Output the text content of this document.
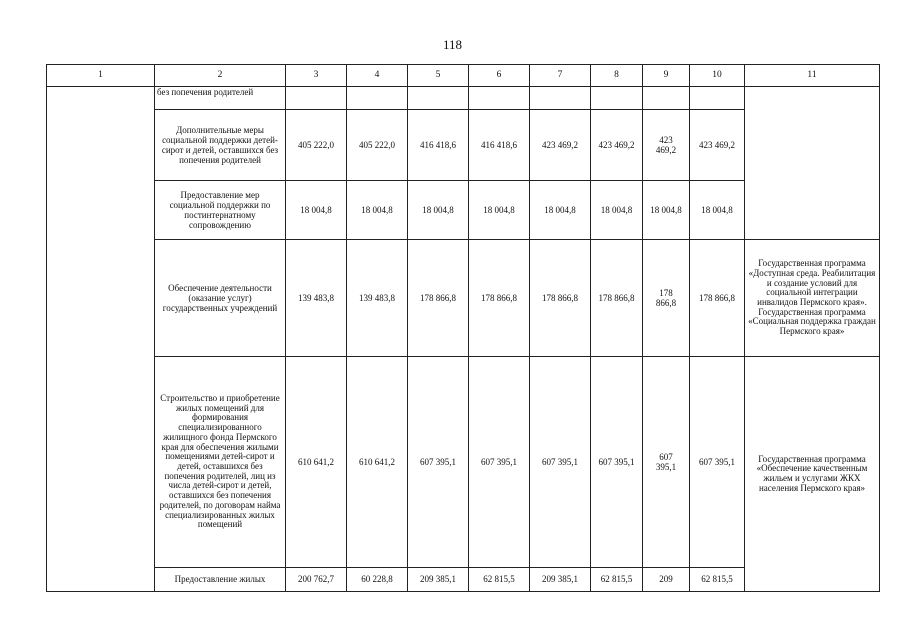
118
1	2	3	4	5	6	7	8	9	10	11
	без попечения родителей									
	Дополнительные меры социальной поддержки детей-сирот и детей, оставшихся без попечения родителей	405 222,0	405 222,0	416 418,6	416 418,6	423 469,2	423 469,2	423 469,2	423 469,2	
	Предоставление мер социальной поддержки по постинтернатному сопровождению	18 004,8	18 004,8	18 004,8	18 004,8	18 004,8	18 004,8	18 004,8	18 004,8	
	Обеспечение деятельности (оказание услуг) государственных учреждений	139 483,8	139 483,8	178 866,8	178 866,8	178 866,8	178 866,8	178 866,8	178 866,8	Государственная программа «Доступная среда. Реабилитация и создание условий для социальной интеграции инвалидов Пермского края». Государственная программа «Социальная поддержка граждан Пермского края»
	Строительство и приобретение жилых помещений для формирования специализированного жилищного фонда Пермского края для обеспечения жилыми помещениями детей-сирот и детей, оставшихся без попечения родителей, лиц из числа детей-сирот и детей, оставшихся без попечения родителей, по договорам найма специализированных жилых помещений	610 641,2	610 641,2	607 395,1	607 395,1	607 395,1	607 395,1	607 395,1	607 395,1	Государственная программа «Обеспечение качественным жильем и услугами ЖКХ населения Пермского края»
	Предоставление жилых	200 762,7	60 228,8	209 385,1	62 815,5	209 385,1	62 815,5	209	62 815,5	
